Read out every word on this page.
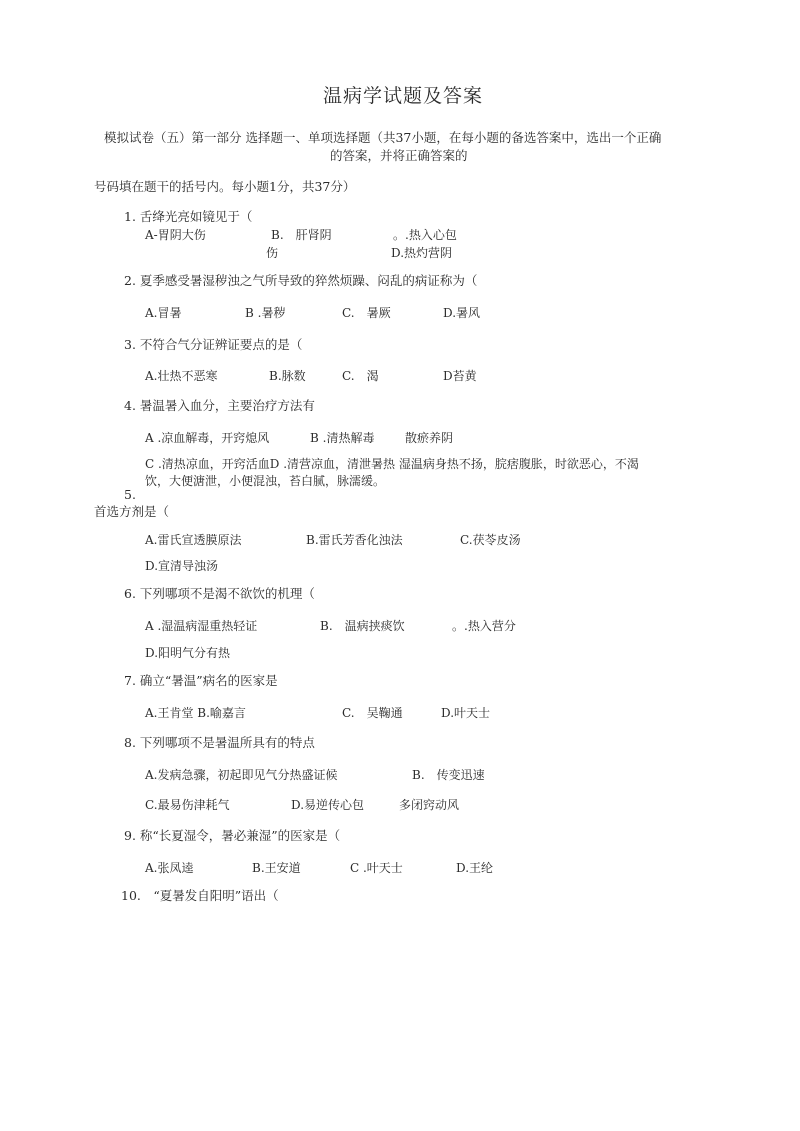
温病学试题及答案
模拟试卷（五）第一部分 选择题一、单项选择题（共37小题，在每小题的备选答案中，选出一个正确
的答案，并将正确答案的
号码填在题干的括号内。每小题1分，共37分）
1. 舌绛光亮如镜见于（
A-胃阴大伤	B.　肝肾阴
伤
。.热入心包
D.热灼营阴
2. 夏季感受暑湿秽浊之气所导致的猝然烦躁、闷乱的病证称为（
A.冒暑	B .暑秽	C.　暑厥	D.暑风
3. 不符合气分证辨证要点的是（
A.壮热不恶寒	B.脉数	C.　渴	D苔黄
4. 暑温暑入血分，主要治疗方法有
A .凉血解毒，开窍熄风	B .清热解毒	散瘀养阴
C .清热凉血，开窍活血D .清营凉血，清泄暑热 湿温病身热不扬，脘痞腹胀，时欲恶心，不渴
饮，大便溏泄，小便混浊，苔白腻，脉濡缓。
5.
首选方剂是（
A.雷氏宣透膜原法	B.雷氏芳香化浊法	C.茯苓皮汤
D.宣清导浊汤
6. 下列哪项不是渴不欲饮的机理（
A .湿温病湿重热轻证	B.　温病挟痰饮	。.热入营分
D.阳明气分有热
7. 确立“暑温”病名的医家是
A.王肯堂 B.喻嘉言	C.　吴鞠通	D.叶天士
8. 下列哪项不是暑温所具有的特点
A.发病急骤，初起即见气分热盛证候	B.　传变迅速
C.最易伤津耗气	D.易逆传心包	多闭窍动风
9. 称“长夏湿令，暑必兼湿”的医家是（
A.张凤逵	B.王安道	C .叶天士	D.王纶
10.　“夏暑发自阳明”语出（
